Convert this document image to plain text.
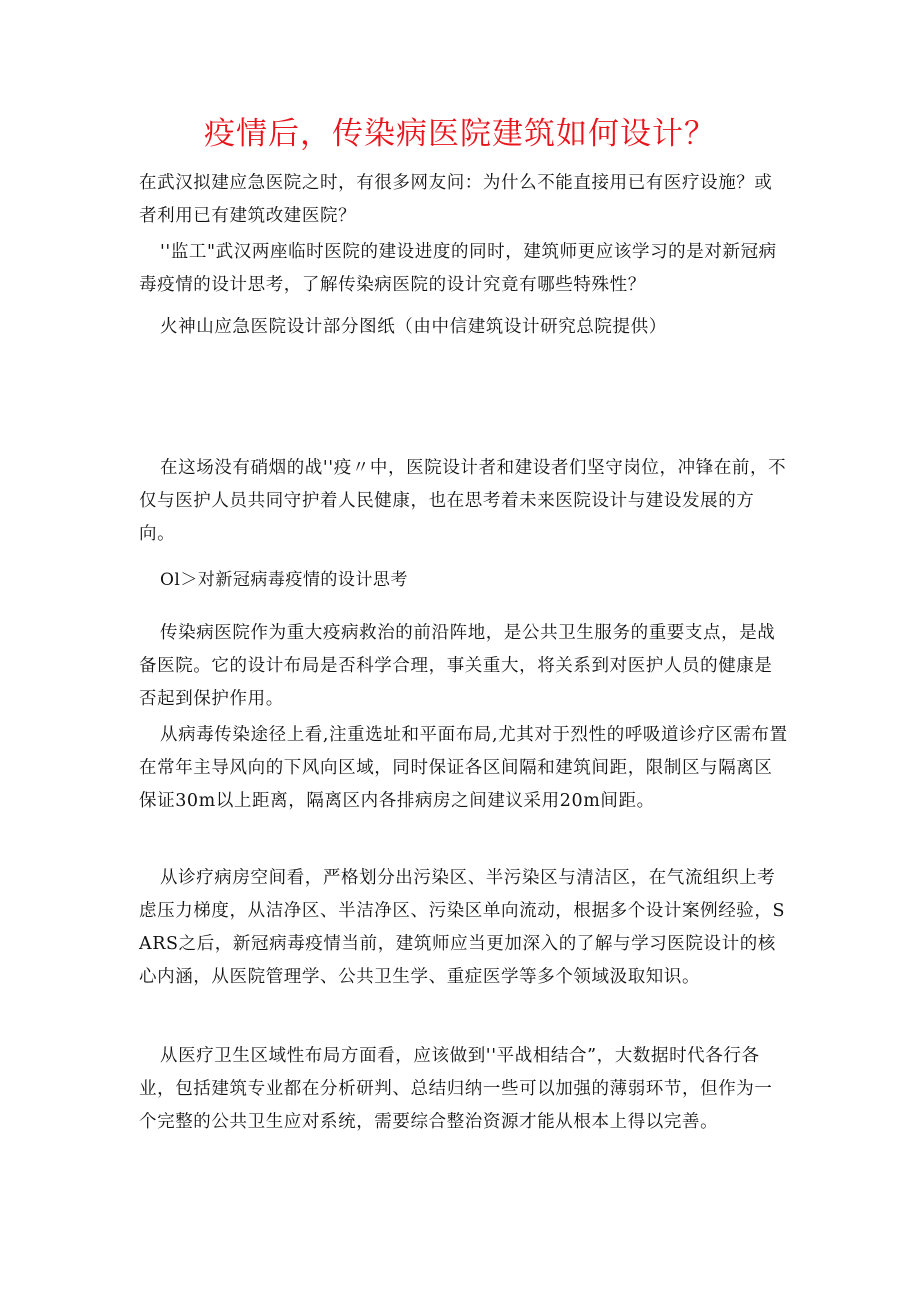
疫情后，传染病医院建筑如何设计？

在武汉拟建应急医院之时，有很多网友问：为什么不能直接用已有医疗设施？或者利用已有建筑改建医院？

''监工"武汉两座临时医院的建设进度的同时，建筑师更应该学习的是对新冠病毒疫情的设计思考，了解传染病医院的设计究竟有哪些特殊性？

火神山应急医院设计部分图纸（由中信建筑设计研究总院提供）

在这场没有硝烟的战''疫〃中，医院设计者和建设者们坚守岗位，冲锋在前，不仅与医护人员共同守护着人民健康，也在思考着未来医院设计与建设发展的方向。

Ol＞对新冠病毒疫情的设计思考

传染病医院作为重大疫病救治的前沿阵地，是公共卫生服务的重要支点，是战备医院。它的设计布局是否科学合理，事关重大，将关系到对医护人员的健康是否起到保护作用。

从病毒传染途径上看,注重选址和平面布局,尤其对于烈性的呼吸道诊疗区需布置在常年主导风向的下风向区域，同时保证各区间隔和建筑间距，限制区与隔离区保证30m以上距离，隔离区内各排病房之间建议采用20m间距。

从诊疗病房空间看，严格划分出污染区、半污染区与清洁区，在气流组织上考虑压力梯度，从洁净区、半洁净区、污染区单向流动，根据多个设计案例经验，SARS之后，新冠病毒疫情当前，建筑师应当更加深入的了解与学习医院设计的核心内涵，从医院管理学、公共卫生学、重症医学等多个领域汲取知识。

从医疗卫生区域性布局方面看，应该做到''平战相结合”，大数据时代各行各业，包括建筑专业都在分析研判、总结归纳一些可以加强的薄弱环节，但作为一个完整的公共卫生应对系统，需要综合整治资源才能从根本上得以完善。
